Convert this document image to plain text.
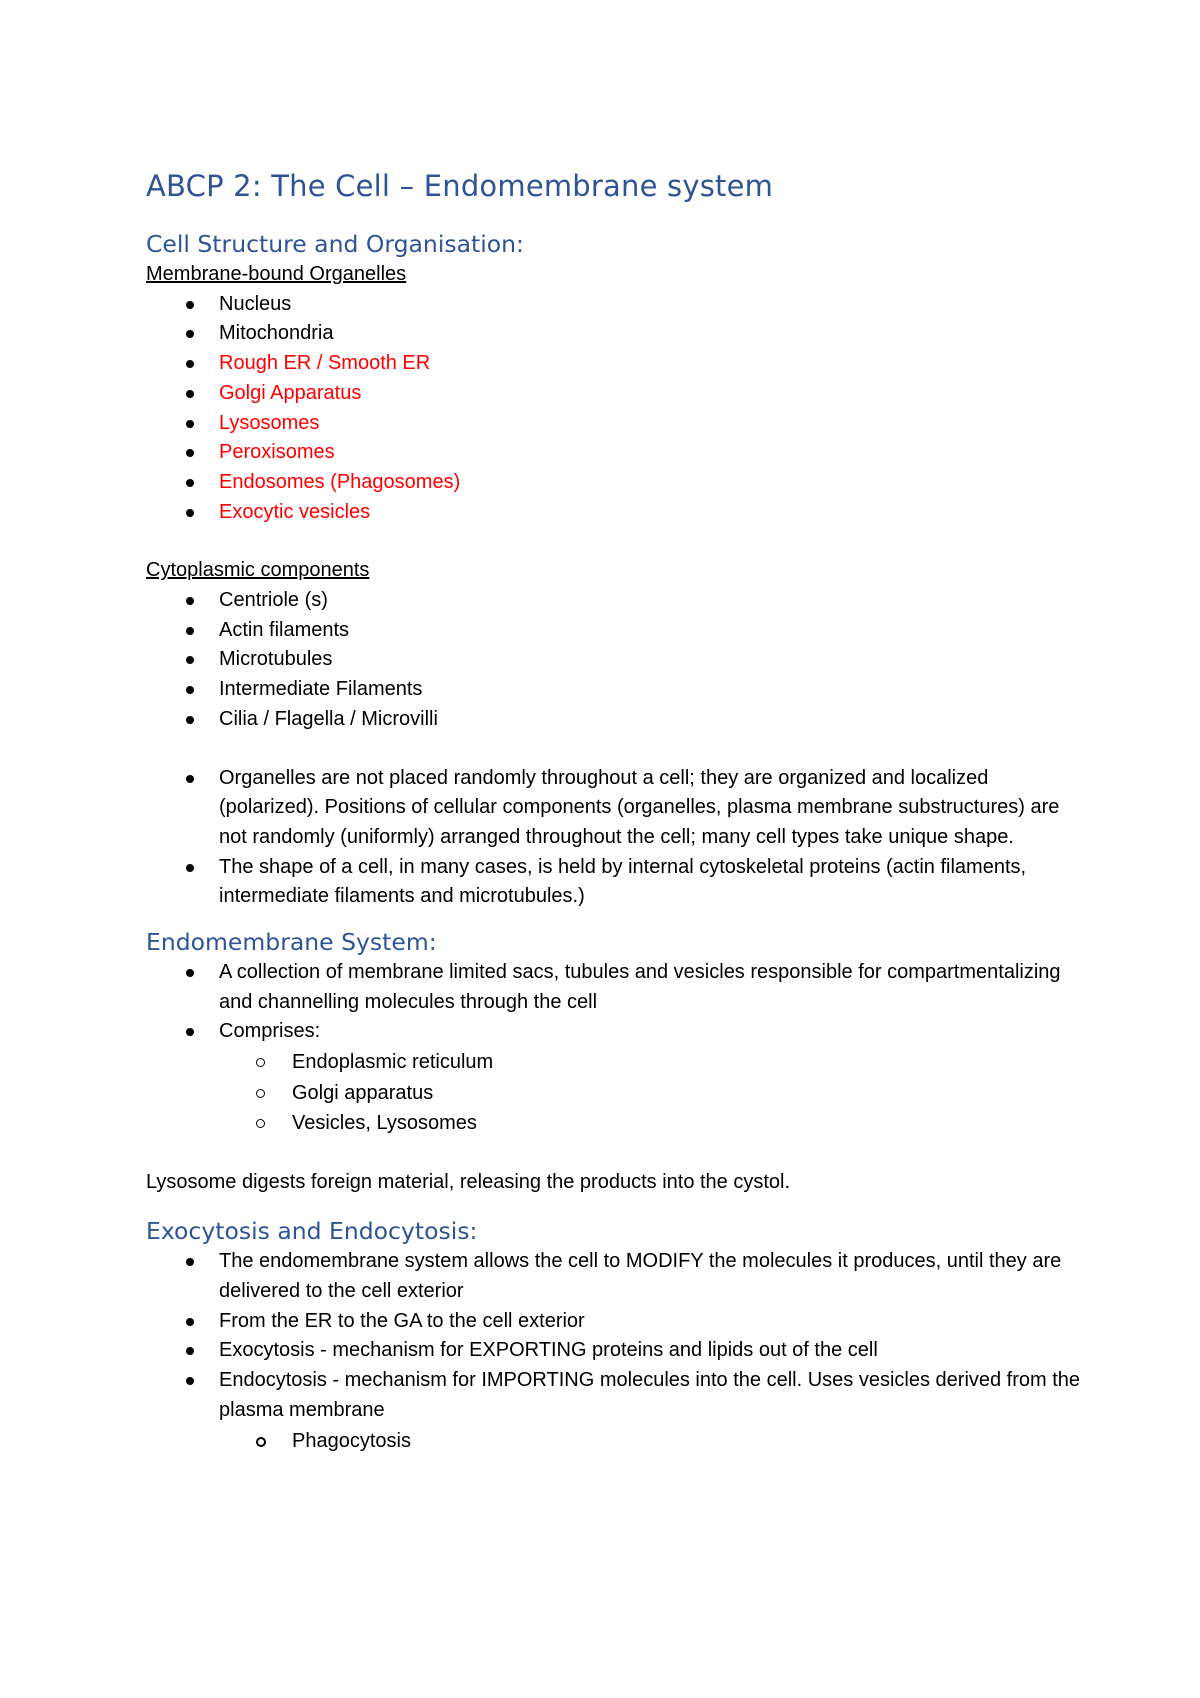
ABCP 2: The Cell – Endomembrane system
Cell Structure and Organisation:

Membrane-bound Organelles

Nucleus
Mitochondria
Rough ER / Smooth ER
Golgi Apparatus
Lysosomes
Peroxisomes
Endosomes (Phagosomes)
Exocytic vesicles

Cytoplasmic components

Centriole (s)
Actin filaments
Microtubules
Intermediate Filaments
Cilia / Flagella / Microvilli
Organelles are not placed randomly throughout a cell; they are organized and localized (polarized). Positions of cellular components (organelles, plasma membrane substructures) are not randomly (uniformly) arranged throughout the cell; many cell types take unique shape.
The shape of a cell, in many cases, is held by internal cytoskeletal proteins (actin filaments, intermediate filaments and microtubules.)
Endomembrane System:
A collection of membrane limited sacs, tubules and vesicles responsible for compartmentalizing and channelling molecules through the cell
Comprises:
Endoplasmic reticulum
Golgi apparatus
Vesicles, Lysosomes

Lysosome digests foreign material, releasing the products into the cystol.

Exocytosis and Endocytosis:
The endomembrane system allows the cell to MODIFY the molecules it produces, until they are delivered to the cell exterior
From the ER to the GA to the cell exterior
Exocytosis - mechanism for EXPORTING proteins and lipids out of the cell
Endocytosis - mechanism for IMPORTING molecules into the cell. Uses vesicles derived from the plasma membrane
Phagocytosis
